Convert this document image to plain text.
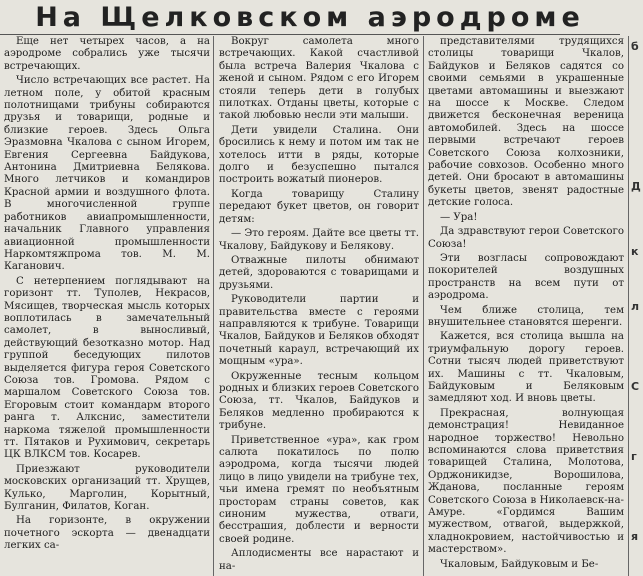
На Щелковском аэродроме

Еще нет четырех часов, а на аэродроме собрались уже тысячи встречающих.

Число встречающих все растет. На летном поле, у обитой красным полотнищами трибуны собираются друзья и товарищи, родные и близкие героев. Здесь Ольга Эразмовна Чкалова с сыном Игорем, Евгения Сергеевна Байдукова, Антонина Дмитриевна Белякова. Много летчиков и командиров Красной армии и воздушного флота. В многочисленной группе работников авиапромышленности, начальник Главного управления авиационной промышленности Наркомтяжпрома тов. М. М. Каганович.

С нетерпением поглядывают на горизонт тт. Туполев, Некрасов, Мясищев, творческая мысль которых воплотилась в замечательный самолет, в выносливый, действующий безотказно мотор. Над группой беседующих пилотов выделяется фигура героя Советского Союза тов. Громова. Рядом с маршалом Советского Союза тов. Егоровым стоит командарм второго ранга т. Алкснис, заместители наркома тяжелой промышленности тт. Пятаков и Рухимович, секретарь ЦК ВЛКСМ тов. Косарев.

Приезжают руководители московских организаций тт. Хрущев, Кулько, Марголин, Корытный, Булганин, Филатов, Коган.

На горизонте, в окружении почетного эскорта — двенадцати легких са-

Вокруг самолета много встречающих. Какой счастливой была встреча Валерия Чкалова с женой и сыном. Рядом с его Игорем стояли теперь дети в голубых пилотках. Отданы цветы, которые с такой любовью несли эти малыши.

Дети увидели Сталина. Они бросились к нему и потом им так не хотелось итти в ряды, которые долго и безуспешно пытался построить вожатый пионеров.

Когда товарищу Сталину передают букет цветов, он говорит детям:

— Это героям. Дайте все цветы тт. Чкалову, Байдукову и Белякову.

Отважные пилоты обнимают детей, здороваются с товарищами и друзьями.

Руководители партии и правительства вместе с героями направляются к трибуне. Товарищи Чкалов, Байдуков и Беляков обходят почетный караул, встречающий их мощным «ура».

Окруженные тесным кольцом родных и близких героев Советского Союза, тт. Чкалов, Байдуков и Беляков медленно пробираются к трибуне.

Приветственное «ура», как гром салюта покатилось по полю аэродрома, когда тысячи людей лицо в лицо увидели на трибуне тех, чьи имена гремят по необъятным просторам страны советов, как синоним мужества, отваги, бесстрашия, доблести и верности своей родине.

Аплодисменты все нарастают и на-

представителями трудящихся столицы товарищи Чкалов, Байдуков и Беляков садятся со своими семьями в украшенные цветами автомашины и выезжают на шоссе к Москве. Следом движется бесконечная вереница автомобилей. Здесь на шоссе первыми встречают героев Советского Союза колхозники, рабочие совхозов. Особенно много детей. Они бросают в автомашины букеты цветов, звенят радостные детские голоса.

— Ура!

Да здравствуют герои Советского Союза!

Эти возгласы сопровождают покорителей воздушных пространств на всем пути от аэродрома.

Чем ближе столица, тем внушительнее становятся шеренги.

Кажется, вся столица вышла на триумфальную дорогу героев. Сотни тысяч людей приветствуют их. Машины с тт. Чкаловым, Байдуковым и Беляковым замедляют ход. И вновь цветы.

Прекрасная, волнующая демонстрация! Невиданное народное торжество! Невольно вспоминаются слова приветствия товарищей Сталина, Молотова, Орджоникидзе, Ворошилова, Жданова, посланные героям Советского Союза в Николаевск-на-Амуре. «Гордимся Вашим мужеством, отвагой, выдержкой, хладнокровием, настойчивостью и мастерством».

Чкаловым, Байдуковым и Бе-

б
Д
к
л
С
г
я
